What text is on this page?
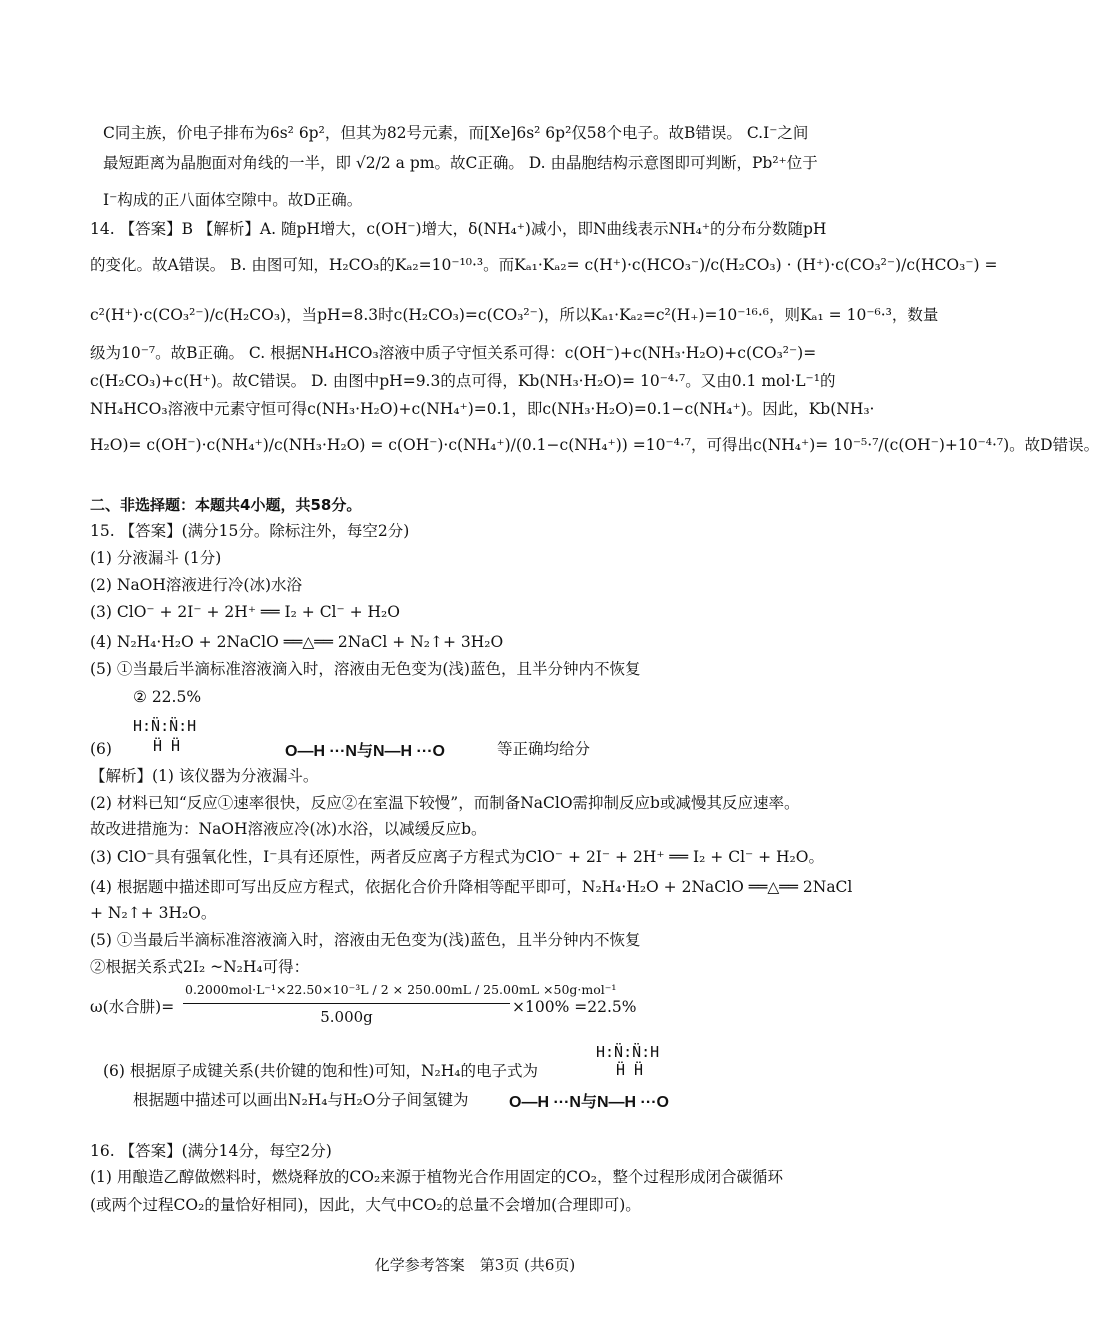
C同主族，价电子排布为6s² 6p²，但其为82号元素，而[Xe]6s² 6p²仅58个电子。故B错误。 C.I⁻之间
最短距离为晶胞面对角线的一半，即 √2/2 a pm。故C正确。 D. 由晶胞结构示意图即可判断，Pb²⁺位于
I⁻构成的正八面体空隙中。故D正确。
14. 【答案】B 【解析】A. 随pH增大，c(OH⁻)增大，δ(NH₄⁺)减小，即N曲线表示NH₄⁺的分布分数随pH
的变化。故A错误。 B. 由图可知，H₂CO₃的Kₐ₂=10⁻¹⁰·³。而Kₐ₁·Kₐ₂= c(H⁺)·c(HCO₃⁻)/c(H₂CO₃) · (H⁺)·c(CO₃²⁻)/c(HCO₃⁻) =
c²(H⁺)·c(CO₃²⁻)/c(H₂CO₃)，当pH=8.3时c(H₂CO₃)=c(CO₃²⁻)，所以Kₐ₁·Kₐ₂=c²(H₊)=10⁻¹⁶·⁶，则Kₐ₁ = 10⁻⁶·³，数量
级为10⁻⁷。故B正确。 C. 根据NH₄HCO₃溶液中质子守恒关系可得：c(OH⁻)+c(NH₃·H₂O)+c(CO₃²⁻)=
c(H₂CO₃)+c(H⁺)。故C错误。 D. 由图中pH=9.3的点可得，Kb(NH₃·H₂O)= 10⁻⁴·⁷。又由0.1 mol·L⁻¹的
NH₄HCO₃溶液中元素守恒可得c(NH₃·H₂O)+c(NH₄⁺)=0.1，即c(NH₃·H₂O)=0.1−c(NH₄⁺)。因此，Kb(NH₃·
H₂O)= c(OH⁻)·c(NH₄⁺)/c(NH₃·H₂O) = c(OH⁻)·c(NH₄⁺)/(0.1−c(NH₄⁺)) =10⁻⁴·⁷，可得出c(NH₄⁺)= 10⁻⁵·⁷/(c(OH⁻)+10⁻⁴·⁷)。故D错误。
二、非选择题：本题共4小题，共58分。
15. 【答案】(满分15分。除标注外，每空2分)
(1) 分液漏斗 (1分)
(2) NaOH溶液进行冷(冰)水浴
(3) ClO⁻ + 2I⁻ + 2H⁺ ══ I₂ + Cl⁻ + H₂O
(4) N₂H₄·H₂O + 2NaClO ══△══ 2NaCl + N₂↑+ 3H₂O
(5) ①当最后半滴标准溶液滴入时，溶液由无色变为(浅)蓝色，且半分钟内不恢复
② 22.5%
(6)
H:N̈:N̈:H
Ḧ Ḧ	O—H ···N与N—H ···O	等正确均给分
【解析】(1) 该仪器为分液漏斗。
(2) 材料已知“反应①速率很快，反应②在室温下较慢”，而制备NaClO需抑制反应b或减慢其反应速率。
故改进措施为：NaOH溶液应冷(冰)水浴，以减缓反应b。
(3) ClO⁻具有强氧化性，I⁻具有还原性，两者反应离子方程式为ClO⁻ + 2I⁻ + 2H⁺ ══ I₂ + Cl⁻ + H₂O。
(4) 根据题中描述即可写出反应方程式，依据化合价升降相等配平即可，N₂H₄·H₂O + 2NaClO ══△══ 2NaCl
+ N₂↑+ 3H₂O。
(5) ①当最后半滴标准溶液滴入时，溶液由无色变为(浅)蓝色，且半分钟内不恢复
②根据关系式2I₂ ~N₂H₄可得：
ω(水合肼)=
0.2000mol·L⁻¹×22.50×10⁻³L / 2 × 250.00mL / 25.00mL ×50g·mol⁻¹
5.000g
×100% =22.5%
(6) 根据原子成键关系(共价键的饱和性)可知，N₂H₄的电子式为
H:N̈:N̈:H
Ḧ Ḧ
根据题中描述可以画出N₂H₄与H₂O分子间氢键为	O—H ···N与N—H ···O
16. 【答案】(满分14分，每空2分)
(1) 用酿造乙醇做燃料时，燃烧释放的CO₂来源于植物光合作用固定的CO₂，整个过程形成闭合碳循环
(或两个过程CO₂的量恰好相同)，因此，大气中CO₂的总量不会增加(合理即可)。
化学参考答案　第3页 (共6页)
